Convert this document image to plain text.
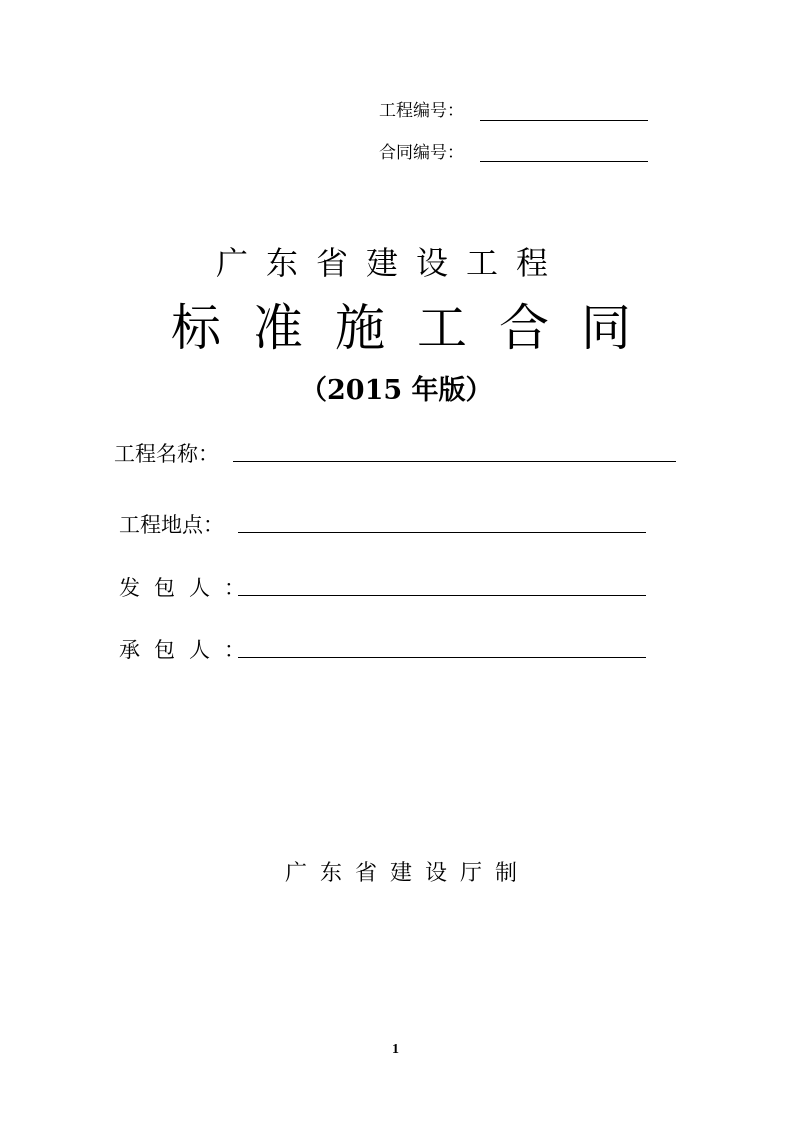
工程编号：
合同编号：
广东省建设工程
标准施工合同
（2015 年版）
工程名称：
工程地点：
发包人：
承包人：
广东省建设厅制
1
